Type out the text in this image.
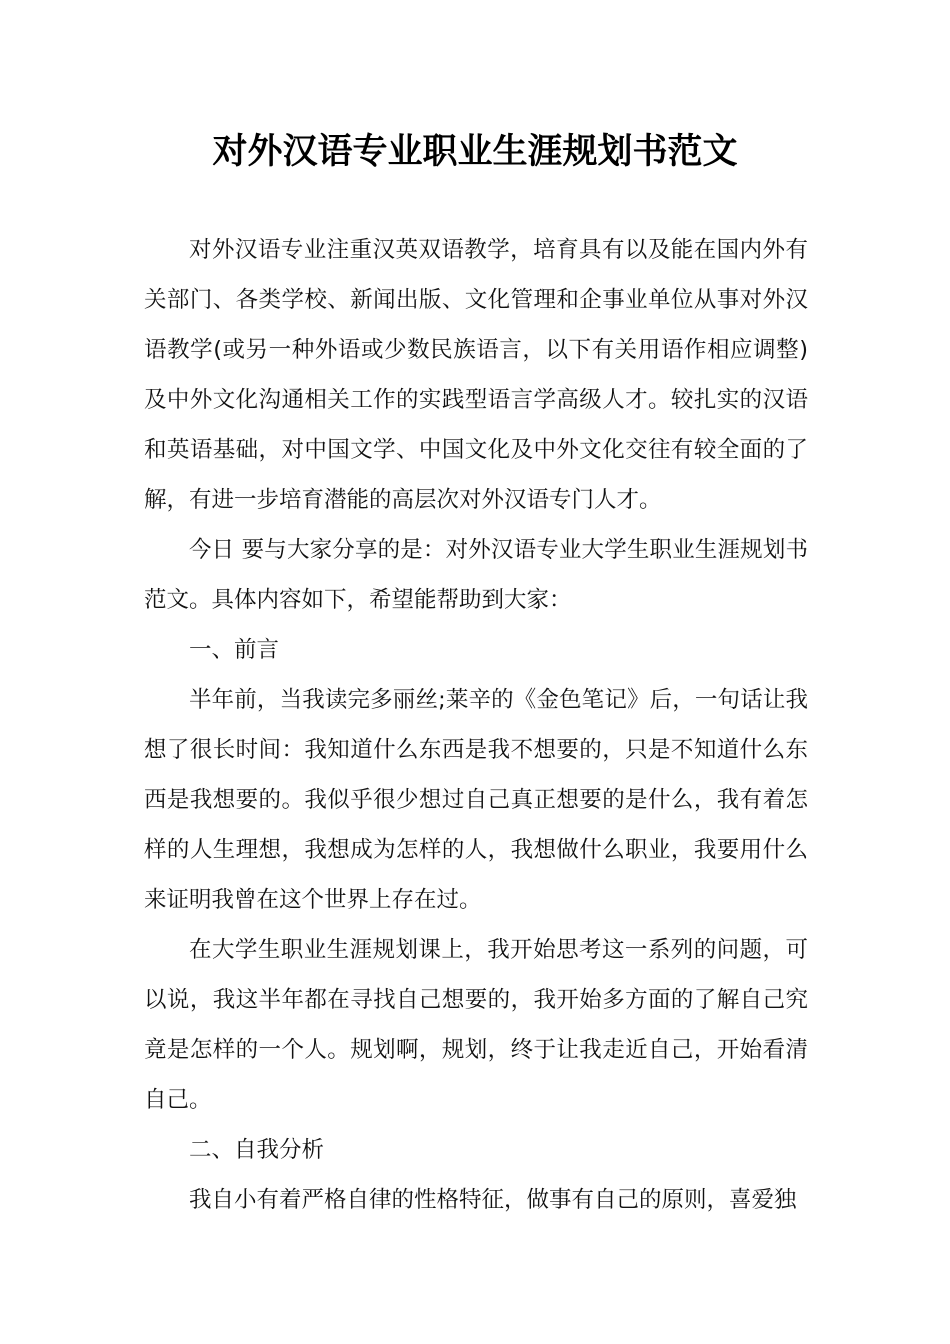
对外汉语专业职业生涯规划书范文

对外汉语专业注重汉英双语教学，培育具有以及能在国内外有关部门、各类学校、新闻出版、文化管理和企事业单位从事对外汉语教学(或另一种外语或少数民族语言，以下有关用语作相应调整)及中外文化沟通相关工作的实践型语言学高级人才。较扎实的汉语和英语基础，对中国文学、中国文化及中外文化交往有较全面的了解，有进一步培育潜能的高层次对外汉语专门人才。

今日 要与大家分享的是：对外汉语专业大学生职业生涯规划书范文。具体内容如下，希望能帮助到大家：

一、前言

半年前，当我读完多丽丝;莱辛的《金色笔记》后，一句话让我想了很长时间：我知道什么东西是我不想要的，只是不知道什么东西是我想要的。我似乎很少想过自己真正想要的是什么，我有着怎样的人生理想，我想成为怎样的人，我想做什么职业，我要用什么来证明我曾在这个世界上存在过。

在大学生职业生涯规划课上，我开始思考这一系列的问题，可以说，我这半年都在寻找自己想要的，我开始多方面的了解自己究竟是怎样的一个人。规划啊，规划，终于让我走近自己，开始看清自己。

二、自我分析

我自小有着严格自律的性格特征，做事有自己的原则，喜爱独
